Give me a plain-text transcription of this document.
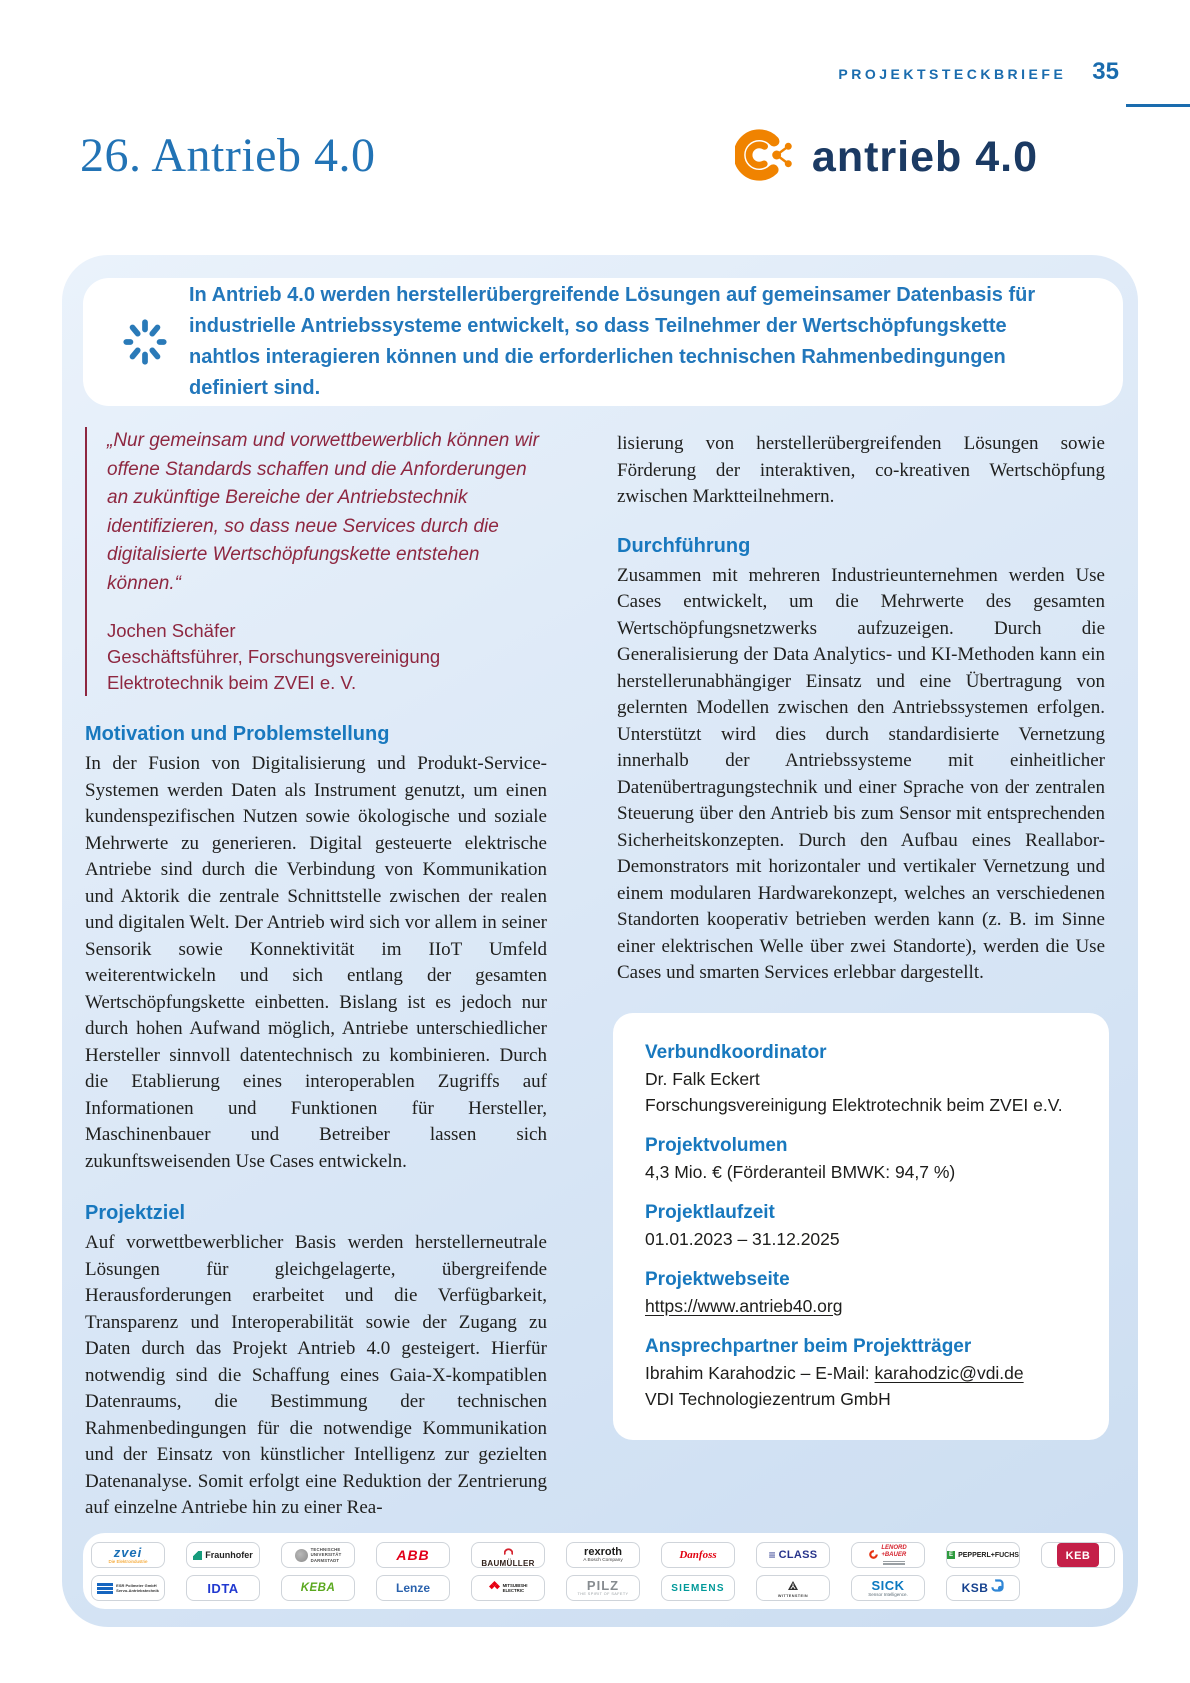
PROJEKTSTECKBRIEFE 35
26. Antrieb 4.0	antrieb 4.0

In Antrieb 4.0 werden herstellerübergreifende Lösungen auf gemeinsamer Datenbasis für industrielle Antriebssysteme entwickelt, so dass Teilnehmer der Wertschöpfungskette nahtlos interagieren können und die erforderlichen technischen Rahmenbedingungen definiert sind.

„Nur gemeinsam und vorwettbewerblich können wir offene Standards schaffen und die Anforderungen an zukünftige Bereiche der Antriebstechnik identifizieren, so dass neue Services durch die digitalisierte Wertschöpfungskette entstehen können.“

Jochen Schäfer

Geschäftsführer, Forschungsvereinigung

Elektrotechnik beim ZVEI e. V.

Motivation und Problemstellung

In der Fusion von Digitalisierung und Produkt-Service-Systemen werden Daten als Instrument genutzt, um einen kundenspezifischen Nutzen sowie ökologische und soziale Mehrwerte zu generieren. Digital gesteuerte elektrische Antriebe sind durch die Verbindung von Kommunikation und Aktorik die zentrale Schnittstelle zwischen der realen und digitalen Welt. Der Antrieb wird sich vor allem in seiner Sensorik sowie Konnektivität im IIoT Umfeld weiterentwickeln und sich entlang der gesamten Wertschöpfungskette einbetten. Bislang ist es jedoch nur durch hohen Aufwand möglich, Antriebe unterschiedlicher Hersteller sinnvoll datentechnisch zu kombinieren. Durch die Etablierung eines interoperablen Zugriffs auf Informationen und Funktionen für Hersteller, Maschinenbauer und Betreiber lassen sich zukunftsweisenden Use Cases entwickeln.

Projektziel

Auf vorwettbewerblicher Basis werden herstellerneutrale Lösungen für gleichgelagerte, übergreifende Herausforderungen erarbeitet und die Verfügbarkeit, Transparenz und Interoperabilität sowie der Zugang zu Daten durch das Projekt Antrieb 4.0 gesteigert. Hierfür notwendig sind die Schaffung eines Gaia-X-kompatiblen Datenraums, die Bestimmung der technischen Rahmenbedingungen für die notwendige Kommunikation und der Einsatz von künstlicher Intelligenz zur gezielten Datenanalyse. Somit erfolgt eine Reduktion der Zentrierung auf einzelne Antriebe hin zu einer Rea-

lisierung von herstellerübergreifenden Lösungen sowie Förderung der interaktiven, co-kreativen Wertschöpfung zwischen Marktteilnehmern.

Durchführung

Zusammen mit mehreren Industrieunternehmen werden Use Cases entwickelt, um die Mehrwerte des gesamten Wertschöpfungsnetzwerks aufzuzeigen. Durch die Generalisierung der Data Analytics- und KI-Methoden kann ein herstellerunabhängiger Einsatz und eine Übertragung von gelernten Modellen zwischen den Antriebssystemen erfolgen. Unterstützt wird dies durch standardisierte Vernetzung innerhalb der Antriebssysteme mit einheitlicher Datenübertragungstechnik und einer Sprache von der zentralen Steuerung über den Antrieb bis zum Sensor mit entsprechenden Sicherheitskonzepten. Durch den Aufbau eines Reallabor-Demonstrators mit horizontaler und vertikaler Vernetzung und einem modularen Hardwarekonzept, welches an verschiedenen Standorten kooperativ betrieben werden kann (z. B. im Sinne einer elektrischen Welle über zwei Standorte), werden die Use Cases und smarten Services erlebbar dargestellt.

Verbundkoordinator
Dr. Falk Eckert
Forschungsvereinigung Elektrotechnik beim ZVEI e.V.
Projektvolumen
4,3 Mio. € (Förderanteil BMWK: 94,7 %)
Projektlaufzeit
01.01.2023 – 31.12.2025
Projektwebseite
https://www.antrieb40.org
Ansprechpartner beim Projektträger
Ibrahim Karahodzic – E-Mail: karahodzic@vdi.de
VDI Technologiezentrum GmbH
zvei
Die Elektroindustrie
Fraunhofer
TECHNISCHE
UNIVERSITÄT
DARMSTADT	ABB	BAUMÜLLER
rexroth
A Bosch Company	Danfoss	≡ CLASS
LENORD
+BAUER	E PEPPERL+FUCHS	KEB
ESR Pollmeier GmbH
Servo-Antriebstechnik	IDTA	KEBA	Lenze	MITSUBISHI
ELECTRIC	PILZ
THE SPIRIT OF SAFETY
SIEMENS
WITTENSTEIN
SICK
Sensor Intelligence.	KSB
